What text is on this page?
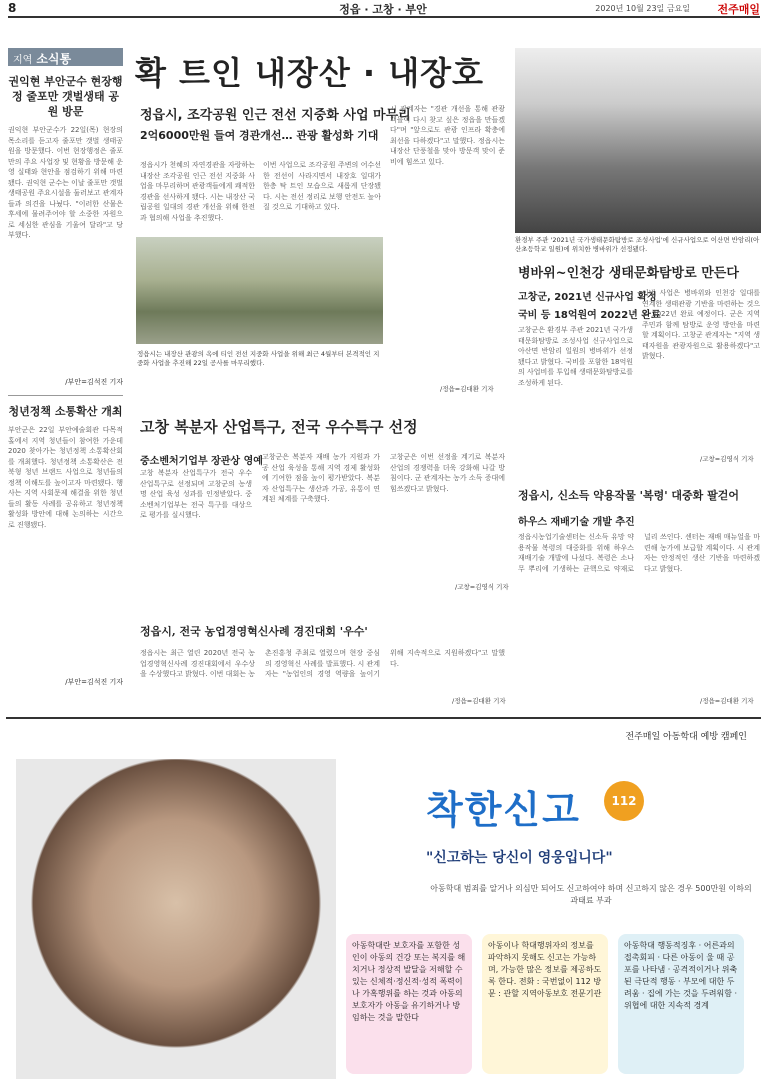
8	정읍 · 고창 · 부안	2020년 10월 23일 금요일 전주매일
지역 소식통
권익현 부안군수 현장행정 줄포만 갯벌생태 공원 방문
권익현 부안군수가 22일(목) 현장의 목소리를 듣고자 줄포만 갯벌 생태공원을 방문했다. 이번 현장행정은 줄포만의 주요 사업장 및 현황을 방문해 운영 실태와 현안을 점검하기 위해 마련됐다. 권익현 군수는 이날 줄포만 갯벌 생태공원 주요시설을 둘러보고 관계자들과 의견을 나눴다. "이러한 산물은 후세에 물려주어야 할 소중한 자원으로 세심한 관심을 기울여 달라"고 당부했다.
/부안=김석진 기자
청년정책 소통확산 개최
부안군은 22일 부안예술회관 다목적홀에서 지역 청년들이 참여한 가운데 2020 찾아가는 청년정책 소통확산회를 개최했다. 청년정책 소통확산은 전북형 청년 브랜드 사업으로 청년들의 정책 이해도를 높이고자 마련됐다. 행사는 지역 사회문제 해결을 위한 청년들의 활동 사례를 공유하고 청년정책 활성화 방안에 대해 논의하는 시간으로 진행됐다.
/부안=김석진 기자
확 트인 내장산 · 내장호
정읍시, 조각공원 인근 전선 지중화 사업 마무리
2억6000만원 들여 경관개선… 관광 활성화 기대
정읍시가 천혜의 자연경관을 자랑하는 내장산 조각공원 인근 전선 지중화 사업을 마무리하며 관광객들에게 쾌적한 경관을 선사하게 됐다. 시는 내장산 국립공원 일대의 경관 개선을 위해 한전과 협의해 사업을 추진했다.
이번 사업으로 조각공원 주변의 어수선한 전선이 사라지면서 내장호 일대가 한층 탁 트인 모습으로 새롭게 단장됐다. 시는 전선 정리로 보행 안전도 높아질 것으로 기대하고 있다.
시 관계자는 "경관 개선을 통해 관광객들이 다시 찾고 싶은 정읍을 만들겠다"며 "앞으로도 관광 인프라 확충에 최선을 다하겠다"고 말했다. 정읍시는 내장산 단풍철을 맞아 방문객 맞이 준비에 힘쓰고 있다.
정읍시는 내장산 관광의 옥에 티인 전선 지중화 사업을 위해 최근 4월부터 본격적인 지중화 사업을 추진해 22일 공사를 마무리했다.
/정읍=김대환 기자
환경부 주관 '2021년 국가생태문화탐방로 조성사업'에 신규사업으로 이산면 반암리(아산초등학교 일원)에 위치한 병바위가 선정됐다.
병바위~인천강 생태문화탐방로 만든다
고창군, 2021년 신규사업 확정
국비 등 18억원여 2022년 완료
고창군은 환경부 주관 2021년 국가생태문화탐방로 조성사업 신규사업으로 아산면 반암리 일원의 병바위가 선정됐다고 밝혔다. 국비를 포함한 18억원의 사업비를 투입해 생태문화탐방로를 조성하게 된다.
이번 사업은 병바위와 인천강 일대를 연계한 생태관광 기반을 마련하는 것으로 2022년 완료 예정이다. 군은 지역 주민과 함께 탐방로 운영 방안을 마련할 계획이다. 고창군 관계자는 "지역 생태자원을 관광자원으로 활용하겠다"고 밝혔다.
/고창=김영식 기자
고창 복분자 산업특구, 전국 우수특구 선정
중소벤처기업부 장관상 영예
고창 복분자 산업특구가 전국 우수 산업특구로 선정되며 고창군의 농생명 산업 육성 성과를 인정받았다. 중소벤처기업부는 전국 특구를 대상으로 평가를 실시했다.
고창군은 복분자 재배 농가 지원과 가공 산업 육성을 통해 지역 경제 활성화에 기여한 점을 높이 평가받았다. 복분자 산업특구는 생산과 가공, 유통이 연계된 체계를 구축했다.
고창군은 이번 선정을 계기로 복분자 산업의 경쟁력을 더욱 강화해 나갈 방침이다. 군 관계자는 농가 소득 증대에 힘쓰겠다고 밝혔다.
/고창=김영식 기자
정읍시, 전국 농업경영혁신사례 경진대회 '우수'
정읍시는 최근 열린 2020년 전국 농업경영혁신사례 경진대회에서 우수상을 수상했다고 밝혔다. 이번 대회는 농촌진흥청 주최로 열렸으며 현장 중심의 경영혁신 사례를 발표했다. 시 관계자는 "농업인의 경영 역량을 높이기 위해 지속적으로 지원하겠다"고 말했다.
/정읍=김대환 기자
정읍시, 신소득 약용작물 '복령' 대중화 팔걷어
하우스 재배기술 개발 추진
정읍시농업기술센터는 신소득 유망 약용작물 복령의 대중화를 위해 하우스 재배기술 개발에 나섰다. 복령은 소나무 뿌리에 기생하는 균핵으로 약재로 널리 쓰인다. 센터는 재배 매뉴얼을 마련해 농가에 보급할 계획이다. 시 관계자는 안정적인 생산 기반을 마련하겠다고 밝혔다.
/정읍=김대환 기자
전주매일 아동학대 예방 캠페인
착한신고	112
"신고하는 당신이 영웅입니다"
아동학대 범죄를 알거나 의심만 되어도 신고하여야 하며 신고하지 않은 경우 500만원 이하의 과태료 부과
아동학대란 보호자를 포함한 성인이 아동의 건강 또는 복지를 해치거나 정상적 발달을 저해할 수 있는 신체적·정신적·성적 폭력이나 가혹행위를 하는 것과 아동의 보호자가 아동을 유기하거나 방임하는 것을 말한다
아동이나 학대행위자의 정보를 파악하지 못해도 신고는 가능하며, 가능한 많은 정보를 제공하도록 한다. 전화 : 국번없이 112 방문 : 관할 지역아동보호 전문기관
아동학대 행동적징후 · 어른과의 접촉회피 · 다른 아동이 울 때 공포를 나타냄 · 공격적이거나 위축된 극단적 행동 · 부모에 대한 두려움 · 집에 가는 것을 두려워함 · 위협에 대한 지속적 경계
